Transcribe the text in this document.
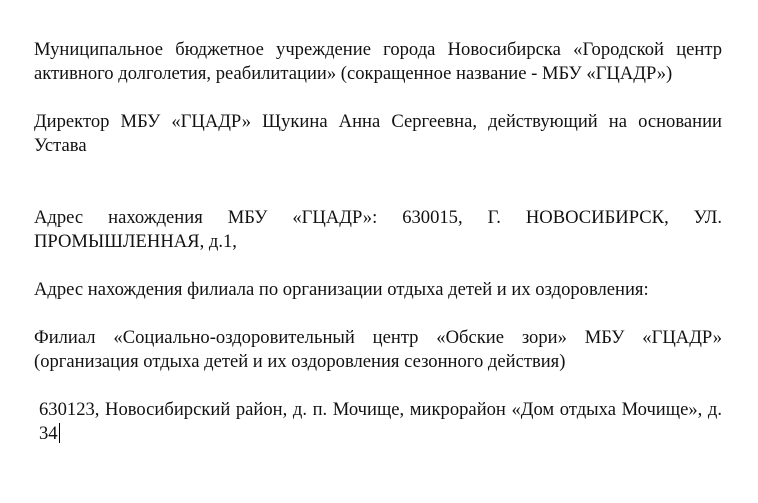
Муниципальное бюджетное учреждение города Новосибирска «Городской центр активного долголетия, реабилитации» (сокращенное название - МБУ «ГЦАДР»)

Директор МБУ «ГЦАДР» Щукина Анна Сергеевна, действующий на основании Устава

Адрес нахождения МБУ «ГЦАДР»: 630015, Г. НОВОСИБИРСК, УЛ. ПРОМЫШЛЕННАЯ, д.1,

Адрес нахождения филиала по организации отдыха детей и их оздоровления:

Филиал «Социально-оздоровительный центр «Обские зори» МБУ «ГЦАДР» (организация отдыха детей и их оздоровления сезонного действия)

630123, Новосибирский район, д. п. Мочище, микрорайон «Дом отдыха Мочище», д. 34
